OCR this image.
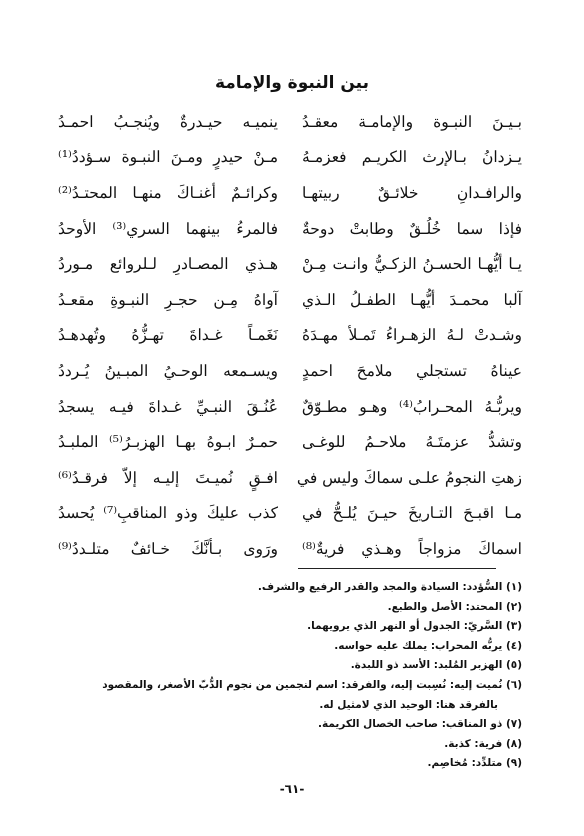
بين النبوة والإمامة
بـيـنَ النبـوة والإمامـة معقـدُ
ينميـه حيـدرةٌ ويُنجـبُ احمـدُ
يـزدانُ بـالإرث الكريـم فعزمـهُ
مـنْ حيدرٍ ومـنَ النبـوة سـؤددُ⁽¹⁾
والرافـدانِ خلائـقٌ ربيتهـا
وكرائـمٌ أغنـاكَ منهـا المحتـدُ⁽²⁾
فإذا سما خُلُـقٌ وطابتْ دوحةٌ
فالمرءُ بينهما السري⁽³⁾ الأوحدُ
يـا أيُّهـا الحسـنُ الزكـيُّ وانـت مِـنْ
هـذي المصـادرِ لـلروائع مـوردُ
آلبا محمـدَ أيُّهـا الطفـلُ الـذي
آواهُ مِـن حجـرِ النبـوةِ مقعـدُ
وشـدتْ لـهُ الزهـراءُ تَمـلأ مهـدَهُ
نَغَمـاً غـداةَ تهـزُّهُ وتُهدهـدُ
عيناهُ تستجلي ملامحَ احمدٍ
ويسـمعه الوحـيُ المبـينُ يُـرددُ
ويربُّـهُ المحـرابُ⁽⁴⁾ وهـو مطـوّقٌ
عُنُـقَ النبـيِّ غـداةَ فيـه يسجدُ
وتشدُّ عزمتَـهُ ملاحـمُ للوغـى
حمـرٌ ابـوهُ بهـا الهزبـرُ⁽⁵⁾ الملبـدُ
زهتِ النجومُ علـى سماكَ وليس في
افـقٍ نُميـتَ إليـه إلاّ فرقـدُ⁽⁶⁾
مـا اقبـحَ التـاريخَ حيـنَ يُلـحُّ في
كذب عليكَ وذو المناقبِ⁽⁷⁾ يُحسدُ
اسماكَ مزواجاً وهـذي فريةٌ⁽⁸⁾
ورَوى بـأنَّكَ خـائفٌ متلـددُ⁽⁹⁾
(١) السُّؤدد: السيادة والمجد والقدر الرفيع والشرف.
(٢) المحتد: الأصل والطبع.
(٣) السَّريّ: الجدول أو النهر الذي يرويهما.
(٤) يربُّه المحراب: يملك عليه حواسه.
(٥) الهزبر المُلبد: الأسد ذو اللبدة.
(٦) نُميت إليه: نُسِبت إليه، والفرقد: اسم لنجمين من نجوم الدُّبّ الأصغر، والمقصود
بالفرقد هنا: الوحيد الذي لامثيل له.
(٧) ذو المناقب: صاحب الخصال الكريمة.
(٨) فرية: كذبة.
(٩) متلدِّد: مُخاصِم.
-٦١-
